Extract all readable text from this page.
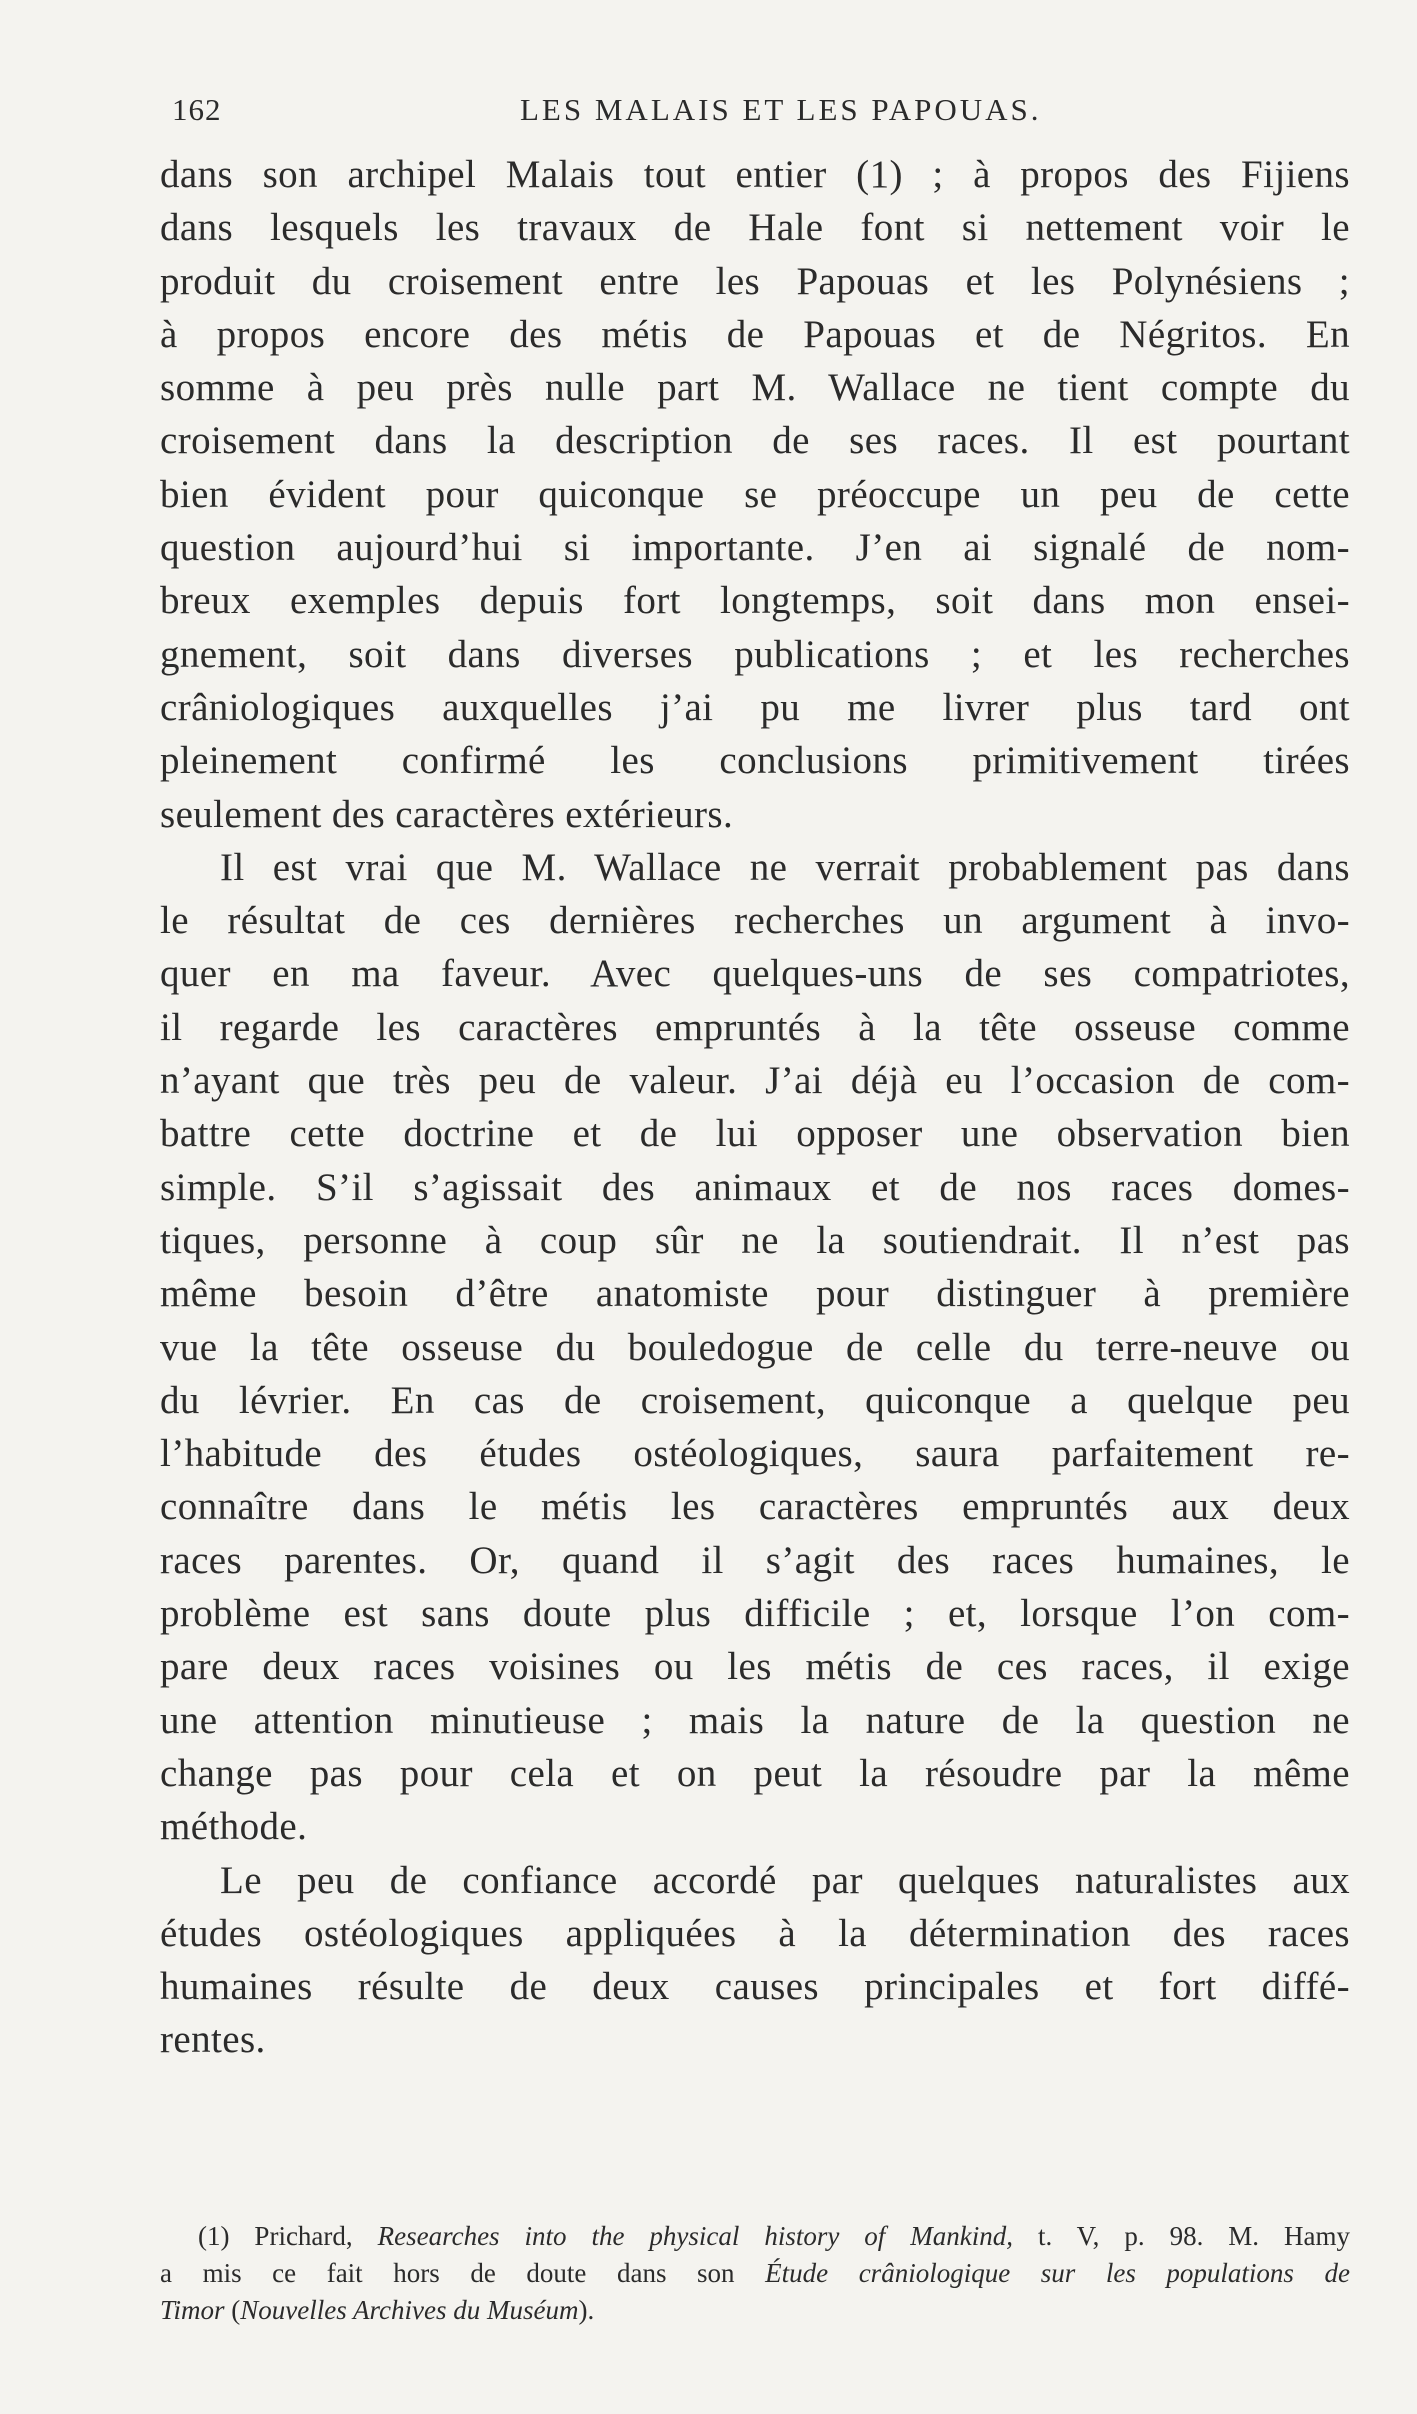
162	LES MALAIS ET LES PAPOUAS.
dans son archipel Malais tout entier (1) ; à propos des Fijiens
dans lesquels les travaux de Hale font si nettement voir le
produit du croisement entre les Papouas et les Polynésiens ;
à propos encore des métis de Papouas et de Négritos. En
somme à peu près nulle part M. Wallace ne tient compte du
croisement dans la description de ses races. Il est pourtant
bien évident pour quiconque se préoccupe un peu de cette
question aujourd’hui si importante. J’en ai signalé de nom-
breux exemples depuis fort longtemps, soit dans mon ensei-
gnement, soit dans diverses publications ; et les recherches
crâniologiques auxquelles j’ai pu me livrer plus tard ont
pleinement confirmé les conclusions primitivement tirées
seulement des caractères extérieurs.
Il est vrai que M. Wallace ne verrait probablement pas dans
le résultat de ces dernières recherches un argument à invo-
quer en ma faveur. Avec quelques-uns de ses compatriotes,
il regarde les caractères empruntés à la tête osseuse comme
n’ayant que très peu de valeur. J’ai déjà eu l’occasion de com-
battre cette doctrine et de lui opposer une observation bien
simple. S’il s’agissait des animaux et de nos races domes-
tiques, personne à coup sûr ne la soutiendrait. Il n’est pas
même besoin d’être anatomiste pour distinguer à première
vue la tête osseuse du bouledogue de celle du terre-neuve ou
du lévrier. En cas de croisement, quiconque a quelque peu
l’habitude des études ostéologiques, saura parfaitement re-
connaître dans le métis les caractères empruntés aux deux
races parentes. Or, quand il s’agit des races humaines, le
problème est sans doute plus difficile ; et, lorsque l’on com-
pare deux races voisines ou les métis de ces races, il exige
une attention minutieuse ; mais la nature de la question ne
change pas pour cela et on peut la résoudre par la même
méthode.
Le peu de confiance accordé par quelques naturalistes aux
études ostéologiques appliquées à la détermination des races
humaines résulte de deux causes principales et fort diffé-
rentes.
(1) Prichard, Researches into the physical history of Mankind, t. V, p. 98. M. Hamy
a mis ce fait hors de doute dans son Étude crâniologique sur les populations de
Timor (Nouvelles Archives du Muséum).
